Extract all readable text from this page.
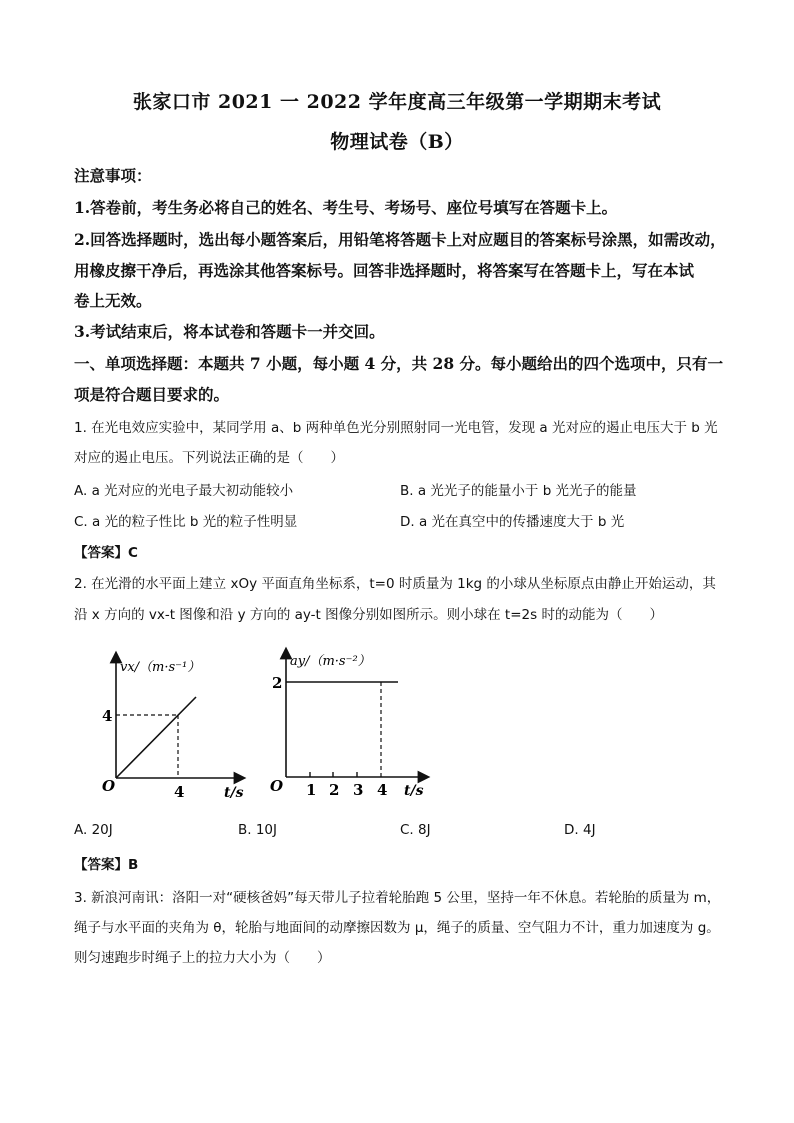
张家口市 2021 一 2022 学年度高三年级第一学期期末考试
物理试卷（B）
注意事项：
1.答卷前，考生务必将自己的姓名、考生号、考场号、座位号填写在答题卡上。
2.回答选择题时，选出每小题答案后，用铅笔将答题卡上对应题目的答案标号涂黑，如需改动，
用橡皮擦干净后，再选涂其他答案标号。回答非选择题时，将答案写在答题卡上，写在本试
卷上无效。
3.考试结束后，将本试卷和答题卡一并交回。
一、单项选择题：本题共 7 小题，每小题 4 分，共 28 分。每小题给出的四个选项中，只有一
项是符合题目要求的。
1. 在光电效应实验中，某同学用 a、b 两种单色光分别照射同一光电管，发现 a 光对应的遏止电压大于 b 光
对应的遏止电压。下列说法正确的是（　　）
A. a 光对应的光电子最大初动能较小	B. a 光光子的能量小于 b 光光子的能量
C. a 光的粒子性比 b 光的粒子性明显	D. a 光在真空中的传播速度大于 b 光
【答案】C
2. 在光滑的水平面上建立 xOy 平面直角坐标系，t=0 时质量为 1kg 的小球从坐标原点由静止开始运动，其
沿 x 方向的 vx-t 图像和沿 y 方向的 ay-t 图像分别如图所示。则小球在 t=2s 时的动能为（　　）
vx/（m·s⁻¹）
O
4
4	t/s
ay/（m·s⁻²）
2
O 1 2 3 4 t/s
A. 20J	B. 10J	C. 8J	D. 4J
【答案】B
3. 新浪河南讯：洛阳一对“硬核爸妈”每天带儿子拉着轮胎跑 5 公里，坚持一年不休息。若轮胎的质量为 m，
绳子与水平面的夹角为 θ，轮胎与地面间的动摩擦因数为 μ，绳子的质量、空气阻力不计，重力加速度为 g。
则匀速跑步时绳子上的拉力大小为（　　）
